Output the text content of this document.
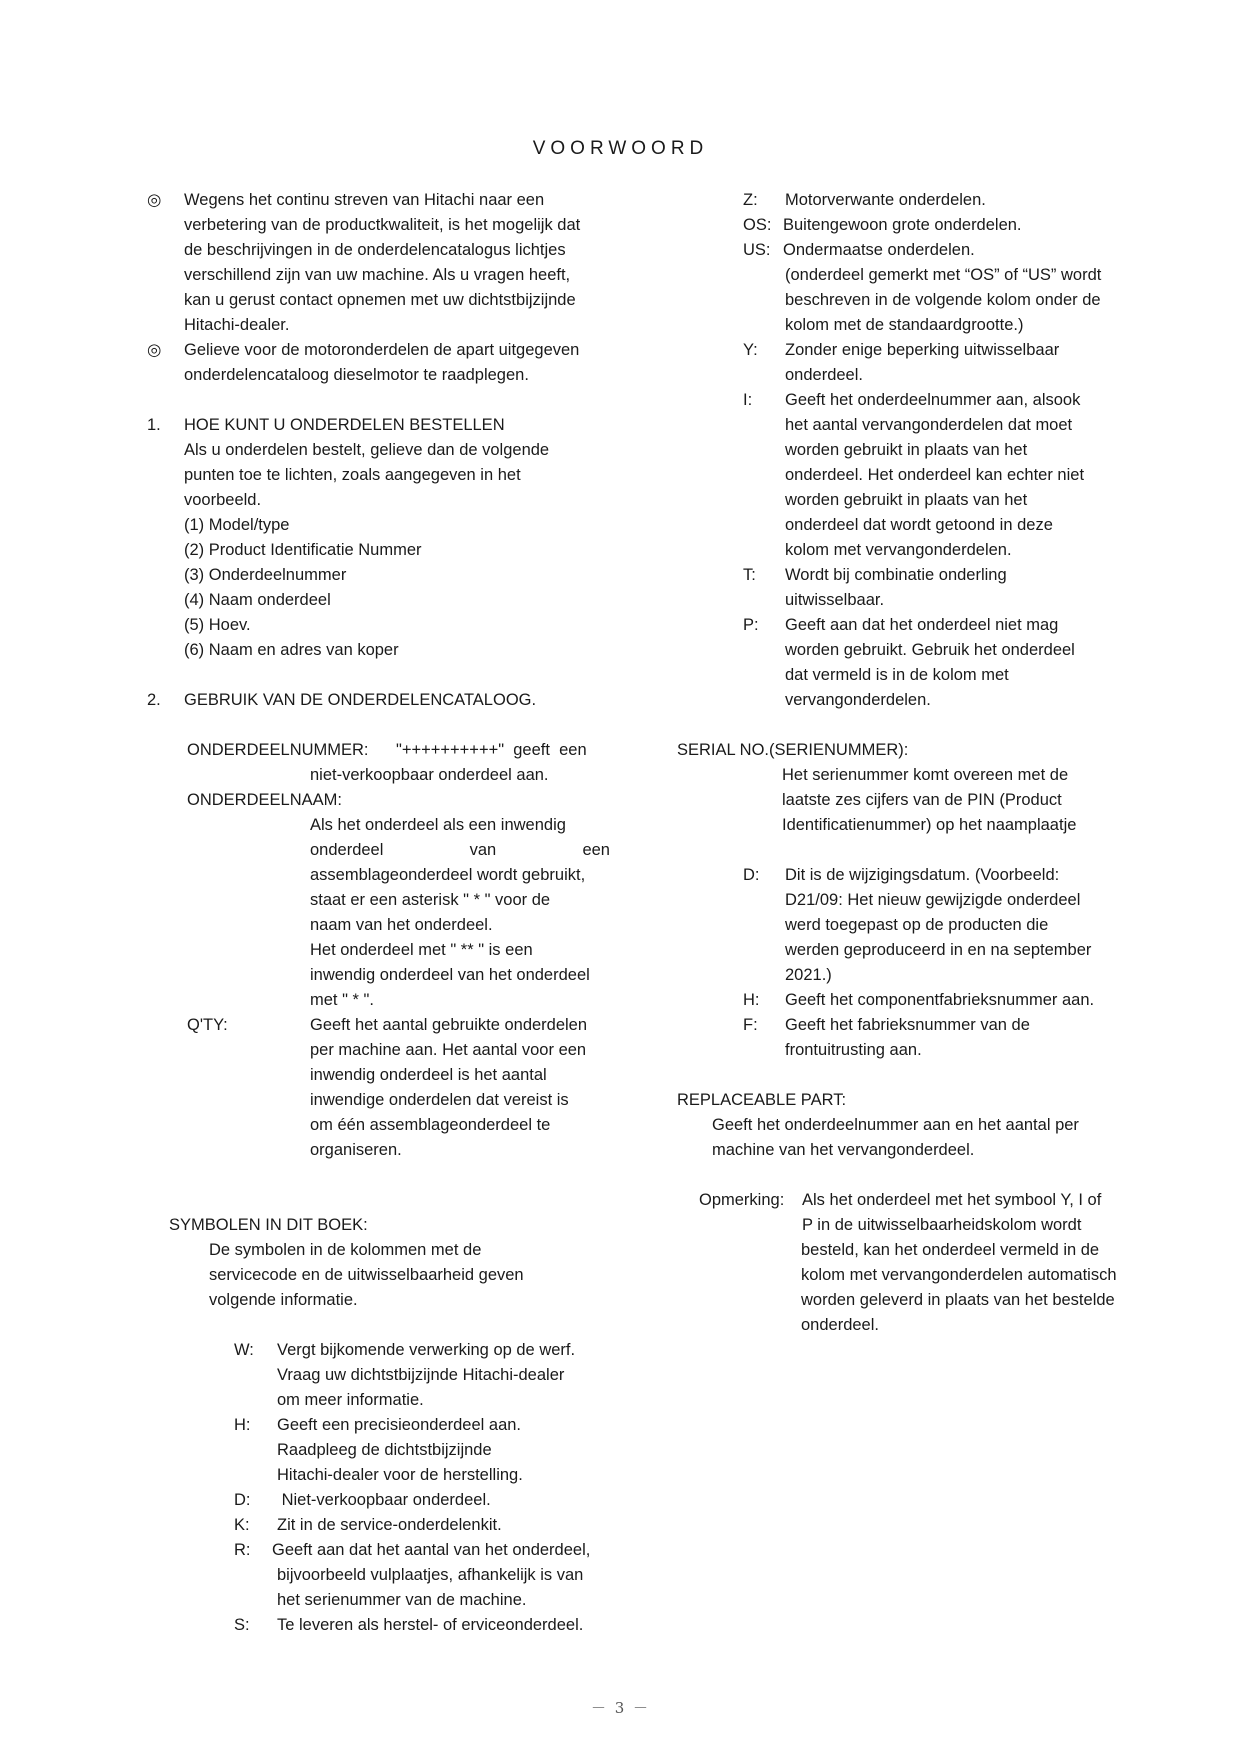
VOORWOORD
◎ Wegens het continu streven van Hitachi naar een
verbetering van de productkwaliteit, is het mogelijk dat
de beschrijvingen in de onderdelencatalogus lichtjes
verschillend zijn van uw machine. Als u vragen heeft,
kan u gerust contact opnemen met uw dichtstbijzijnde
Hitachi-dealer.
◎ Gelieve voor de motoronderdelen de apart uitgegeven
onderdelencataloog dieselmotor te raadplegen.
1. HOE KUNT U ONDERDELEN BESTELLEN
Als u onderdelen bestelt, gelieve dan de volgende
punten toe te lichten, zoals aangegeven in het
voorbeeld.
(1) Model/type
(2) Product Identificatie Nummer
(3) Onderdeelnummer
(4) Naam onderdeel
(5) Hoev.
(6) Naam en adres van koper
2. GEBRUIK VAN DE ONDERDELENCATALOOG.
ONDERDEELNUMMER: "++++++++++"  geeft  een
niet-verkoopbaar onderdeel aan.
ONDERDEELNAAM:
Als het onderdeel als een inwendig
onderdeel	van	een
assemblageonderdeel wordt gebruikt,
staat er een asterisk " * " voor de
naam van het onderdeel.
Het onderdeel met " ** " is een
inwendig onderdeel van het onderdeel
met " * ".
Q'TY:	Geeft het aantal gebruikte onderdelen
per machine aan. Het aantal voor een
inwendig onderdeel is het aantal
inwendige onderdelen dat vereist is
om één assemblageonderdeel te
organiseren.
SYMBOLEN IN DIT BOEK:
De symbolen in de kolommen met de
servicecode en de uitwisselbaarheid geven
volgende informatie.
W: Vergt bijkomende verwerking op de werf.
Vraag uw dichtstbijzijnde Hitachi-dealer
om meer informatie.
H: Geeft een precisieonderdeel aan.
Raadpleeg de dichtstbijzijnde
Hitachi-dealer voor de herstelling.
D: Niet-verkoopbaar onderdeel.
K: Zit in de service-onderdelenkit.
R: Geeft aan dat het aantal van het onderdeel,
bijvoorbeeld vulplaatjes, afhankelijk is van
het serienummer van de machine.
S: Te leveren als herstel- of erviceonderdeel.
Z: Motorverwante onderdelen.
OS: Buitengewoon grote onderdelen.
US: Ondermaatse onderdelen.
(onderdeel gemerkt met “OS” of “US” wordt
beschreven in de volgende kolom onder de
kolom met de standaardgrootte.)
Y: Zonder enige beperking uitwisselbaar
onderdeel.
I: Geeft het onderdeelnummer aan, alsook
het aantal vervangonderdelen dat moet
worden gebruikt in plaats van het
onderdeel. Het onderdeel kan echter niet
worden gebruikt in plaats van het
onderdeel dat wordt getoond in deze
kolom met vervangonderdelen.
T: Wordt bij combinatie onderling
uitwisselbaar.
P: Geeft aan dat het onderdeel niet mag
worden gebruikt. Gebruik het onderdeel
dat vermeld is in de kolom met
vervangonderdelen.
SERIAL NO.(SERIENUMMER):
Het serienummer komt overeen met de
laatste zes cijfers van de PIN (Product
Identificatienummer) op het naamplaatje
D: Dit is de wijzigingsdatum. (Voorbeeld:
D21/09: Het nieuw gewijzigde onderdeel
werd toegepast op de producten die
werden geproduceerd in en na september
2021.)
H: Geeft het componentfabrieksnummer aan.
F: Geeft het fabrieksnummer van de
frontuitrusting aan.
REPLACEABLE PART:
Geeft het onderdeelnummer aan en het aantal per
machine van het vervangonderdeel.
Opmerking: Als het onderdeel met het symbool Y, I of
P in de uitwisselbaarheidskolom wordt
besteld, kan het onderdeel vermeld in de
kolom met vervangonderdelen automatisch
worden geleverd in plaats van het bestelde
onderdeel.
－ 3 －
